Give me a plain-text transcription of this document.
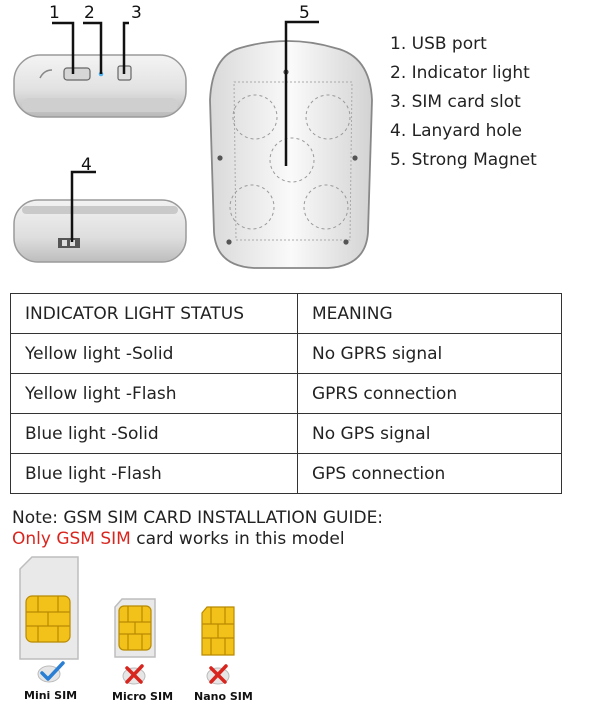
1 2 3
4
5
1. USB port
2. Indicator light
3. SIM card slot
4. Lanyard hole
5. Strong Magnet
INDICATOR LIGHT STATUS	MEANING
Yellow light -Solid	No GPRS signal
Yellow light -Flash	GPRS connection
Blue light -Solid	No GPS signal
Blue light -Flash	GPS connection
Note: GSM SIM CARD INSTALLATION GUIDE:
Only GSM SIM card works in this model
Mini SIM	Micro SIM Nano SIM
